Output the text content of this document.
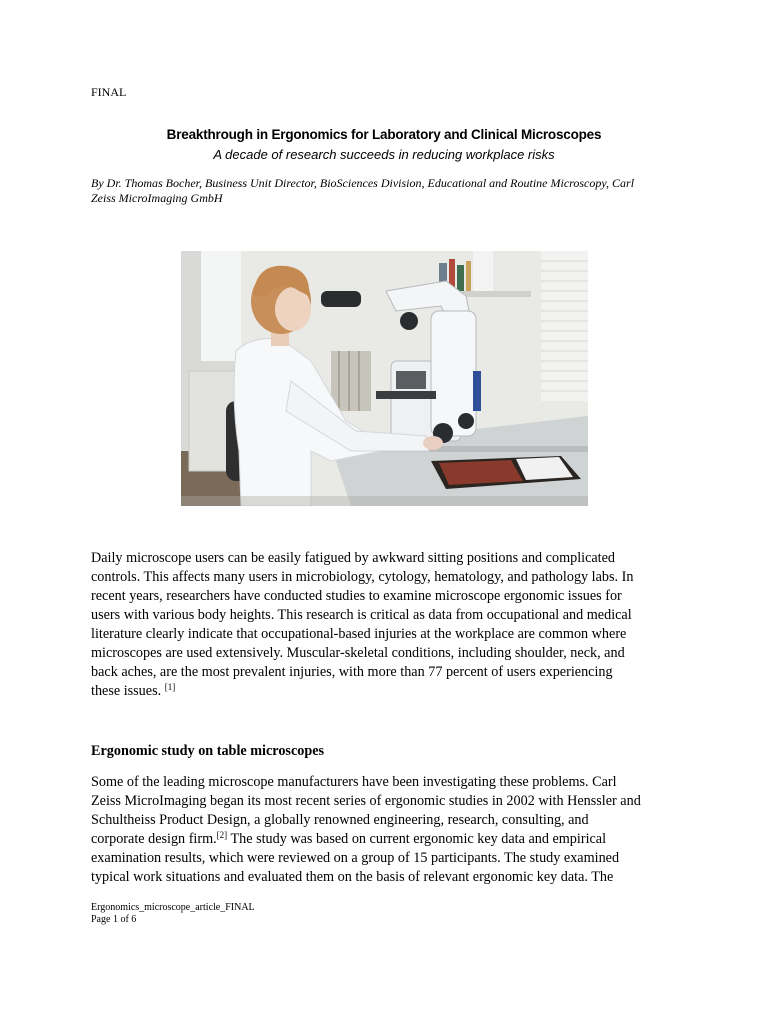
FINAL
Breakthrough in Ergonomics for Laboratory and Clinical Microscopes
A decade of research succeeds in reducing workplace risks
By Dr. Thomas Bocher, Business Unit Director, BioSciences Division, Educational and Routine Microscopy, Carl
Zeiss MicroImaging GmbH
Daily microscope users can be easily fatigued by awkward sitting positions and complicated
controls. This affects many users in microbiology, cytology, hematology, and pathology labs. In
recent years, researchers have conducted studies to examine microscope ergonomic issues for
users with various body heights. This research is critical as data from occupational and medical
literature clearly indicate that occupational-based injuries at the workplace are common where
microscopes are used extensively. Muscular-skeletal conditions, including shoulder, neck, and
back aches, are the most prevalent injuries, with more than 77 percent of users experiencing
these issues. [1]
Ergonomic study on table microscopes
Some of the leading microscope manufacturers have been investigating these problems. Carl
Zeiss MicroImaging began its most recent series of ergonomic studies in 2002 with Henssler and
Schultheiss Product Design, a globally renowned engineering, research, consulting, and
corporate design firm.[2] The study was based on current ergonomic key data and empirical
examination results, which were reviewed on a group of 15 participants. The study examined
typical work situations and evaluated them on the basis of relevant ergonomic key data. The
Ergonomics_microscope_article_FINAL
Page 1 of 6
